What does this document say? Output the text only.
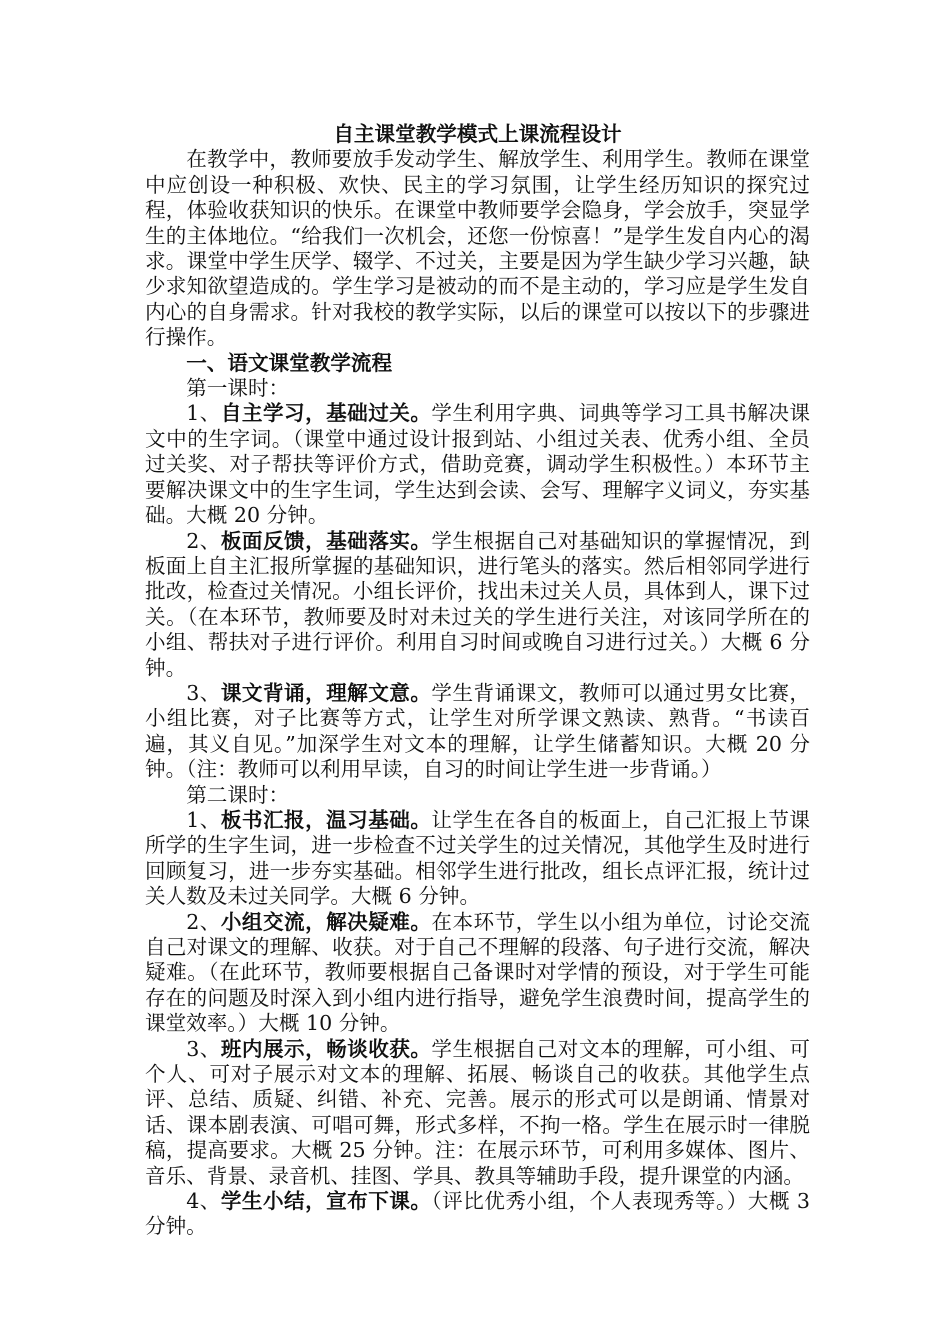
自主课堂教学模式上课流程设计

在教学中，教师要放手发动学生、解放学生、利用学生。教师在课堂中应创设一种积极、欢快、民主的学习氛围，让学生经历知识的探究过程，体验收获知识的快乐。在课堂中教师要学会隐身，学会放手，突显学生的主体地位。“给我们一次机会，还您一份惊喜！”是学生发自内心的渴求。课堂中学生厌学、辍学、不过关，主要是因为学生缺少学习兴趣，缺少求知欲望造成的。学生学习是被动的而不是主动的，学习应是学生发自内心的自身需求。针对我校的教学实际，以后的课堂可以按以下的步骤进行操作。

一、语文课堂教学流程

第一课时：

1、自主学习，基础过关。学生利用字典、词典等学习工具书解决课文中的生字词。（课堂中通过设计报到站、小组过关表、优秀小组、全员过关奖、对子帮扶等评价方式，借助竞赛，调动学生积极性。）本环节主要解决课文中的生字生词，学生达到会读、会写、理解字义词义，夯实基础。大概 20 分钟。

2、板面反馈，基础落实。学生根据自己对基础知识的掌握情况，到板面上自主汇报所掌握的基础知识，进行笔头的落实。然后相邻同学进行批改，检查过关情况。小组长评价，找出未过关人员，具体到人，课下过关。（在本环节，教师要及时对未过关的学生进行关注，对该同学所在的小组、帮扶对子进行评价。利用自习时间或晚自习进行过关。）大概 6 分钟。

3、课文背诵，理解文意。学生背诵课文，教师可以通过男女比赛，小组比赛，对子比赛等方式，让学生对所学课文熟读、熟背。“书读百遍，其义自见。”加深学生对文本的理解，让学生储蓄知识。大概 20 分钟。（注：教师可以利用早读，自习的时间让学生进一步背诵。）

第二课时：

1、板书汇报，温习基础。让学生在各自的板面上，自己汇报上节课所学的生字生词，进一步检查不过关学生的过关情况，其他学生及时进行回顾复习，进一步夯实基础。相邻学生进行批改，组长点评汇报，统计过关人数及未过关同学。大概 6 分钟。

2、小组交流，解决疑难。在本环节，学生以小组为单位，讨论交流自己对课文的理解、收获。对于自己不理解的段落、句子进行交流，解决疑难。（在此环节，教师要根据自己备课时对学情的预设，对于学生可能存在的问题及时深入到小组内进行指导，避免学生浪费时间，提高学生的课堂效率。）大概 10 分钟。

3、班内展示，畅谈收获。学生根据自己对文本的理解，可小组、可个人、可对子展示对文本的理解、拓展、畅谈自己的收获。其他学生点评、总结、质疑、纠错、补充、完善。展示的形式可以是朗诵、情景对话、课本剧表演、可唱可舞，形式多样，不拘一格。学生在展示时一律脱稿，提高要求。大概 25 分钟。注：在展示环节，可利用多媒体、图片、音乐、背景、录音机、挂图、学具、教具等辅助手段，提升课堂的内涵。

4、学生小结，宣布下课。（评比优秀小组，个人表现秀等。）大概 3 分钟。
